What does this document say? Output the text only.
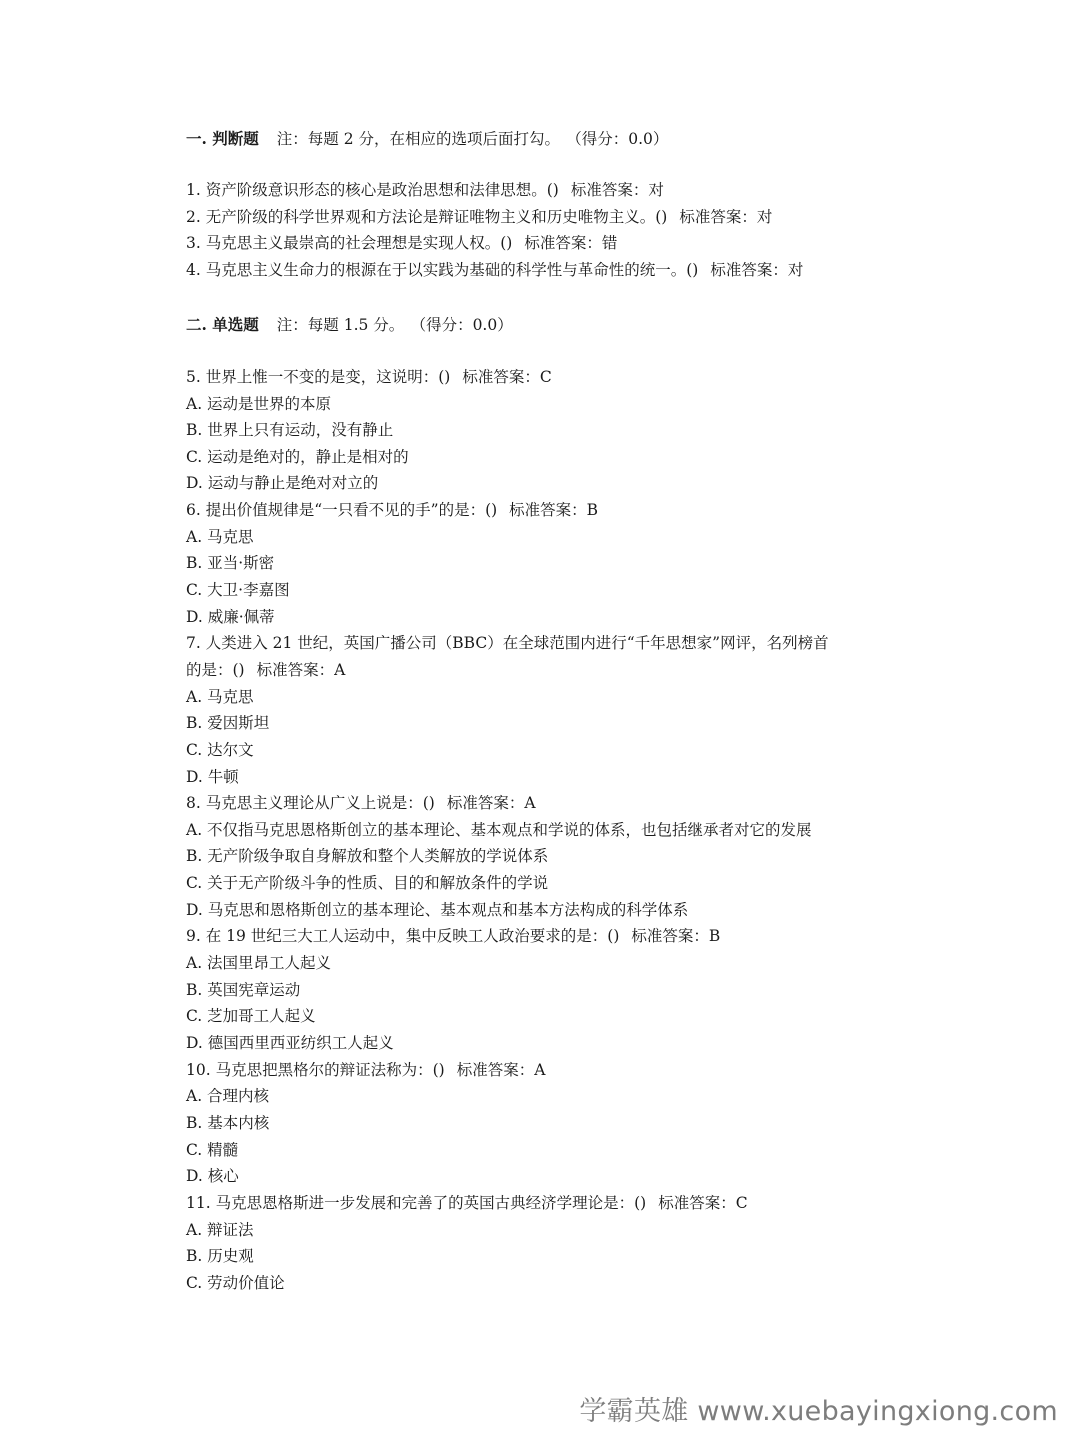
一. 判断题 注：每题 2 分，在相应的选项后面打勾。 （得分：0.0）
1. 资产阶级意识形态的核心是政治思想和法律思想。() 标准答案：对
2. 无产阶级的科学世界观和方法论是辩证唯物主义和历史唯物主义。() 标准答案：对
3. 马克思主义最崇高的社会理想是实现人权。() 标准答案：错
4. 马克思主义生命力的根源在于以实践为基础的科学性与革命性的统一。() 标准答案：对
二. 单选题 注：每题 1.5 分。 （得分：0.0）
5. 世界上惟一不变的是变，这说明：() 标准答案：C
A. 运动是世界的本原
B. 世界上只有运动，没有静止
C. 运动是绝对的，静止是相对的
D. 运动与静止是绝对对立的
6. 提出价值规律是“一只看不见的手”的是：() 标准答案：B
A. 马克思
B. 亚当·斯密
C. 大卫·李嘉图
D. 威廉·佩蒂
7. 人类进入 21 世纪，英国广播公司（BBC）在全球范围内进行“千年思想家”网评，名列榜首
的是：() 标准答案：A
A. 马克思
B. 爱因斯坦
C. 达尔文
D. 牛顿
8. 马克思主义理论从广义上说是：() 标准答案：A
A. 不仅指马克思恩格斯创立的基本理论、基本观点和学说的体系，也包括继承者对它的发展
B. 无产阶级争取自身解放和整个人类解放的学说体系
C. 关于无产阶级斗争的性质、目的和解放条件的学说
D. 马克思和恩格斯创立的基本理论、基本观点和基本方法构成的科学体系
9. 在 19 世纪三大工人运动中，集中反映工人政治要求的是：() 标准答案：B
A. 法国里昂工人起义
B. 英国宪章运动
C. 芝加哥工人起义
D. 德国西里西亚纺织工人起义
10. 马克思把黑格尔的辩证法称为：() 标准答案：A
A. 合理内核
B. 基本内核
C. 精髓
D. 核心
11. 马克思恩格斯进一步发展和完善了的英国古典经济学理论是：() 标准答案：C
A. 辩证法
B. 历史观
C. 劳动价值论
学霸英雄 www.xuebayingxiong.com
